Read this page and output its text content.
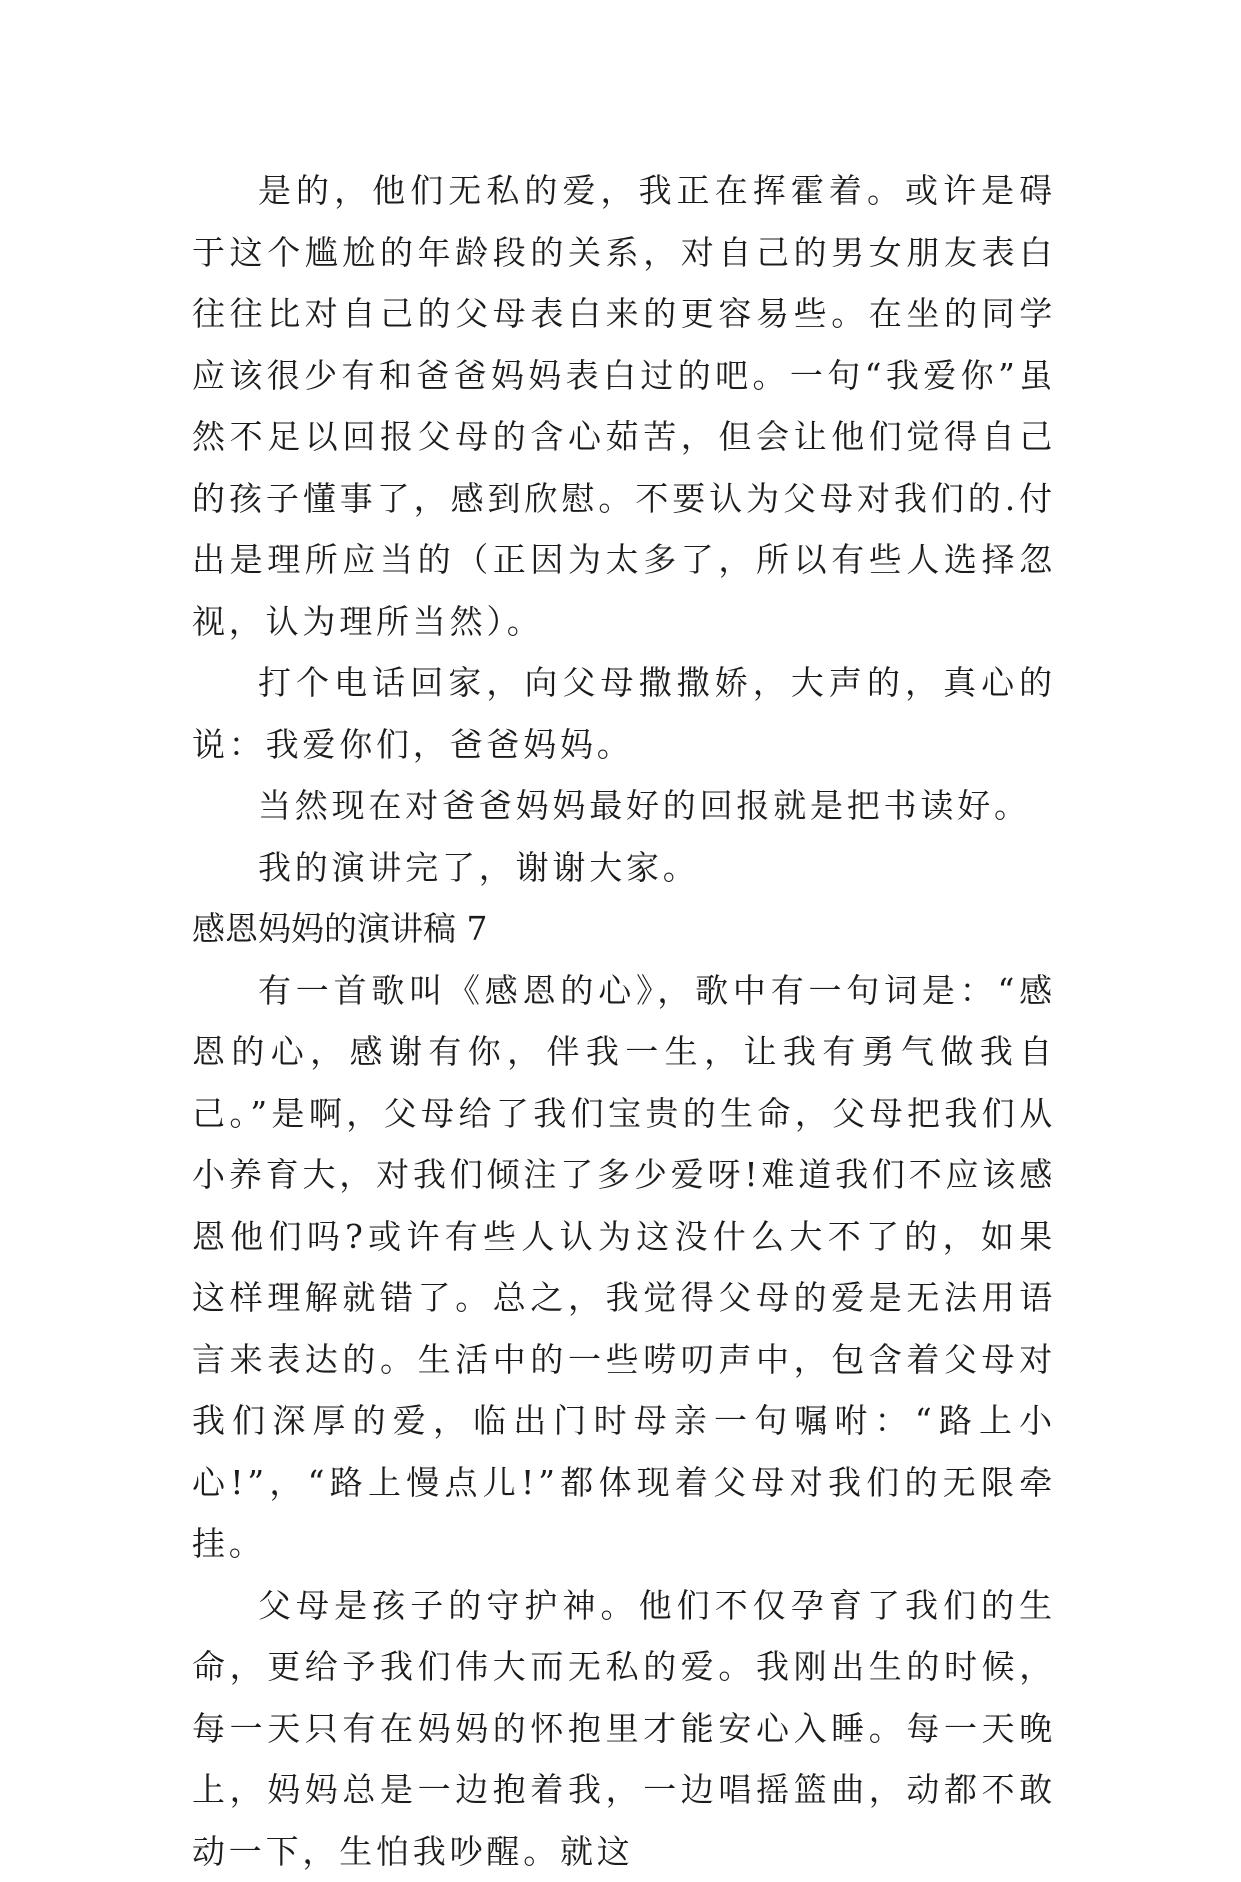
是的，他们无私的爱，我正在挥霍着。或许是碍于这个尴尬的年龄段的关系，对自己的男女朋友表白往往比对自己的父母表白来的更容易些。在坐的同学应该很少有和爸爸妈妈表白过的吧。一句“我爱你”虽然不足以回报父母的含心茹苦，但会让他们觉得自己的孩子懂事了，感到欣慰。不要认为父母对我们的.付出是理所应当的（正因为太多了，所以有些人选择忽视，认为理所当然）。

打个电话回家，向父母撒撒娇，大声的，真心的说：我爱你们，爸爸妈妈。

当然现在对爸爸妈妈最好的回报就是把书读好。

我的演讲完了，谢谢大家。

感恩妈妈的演讲稿 7

有一首歌叫《感恩的心》，歌中有一句词是：“感恩的心，感谢有你，伴我一生，让我有勇气做我自己。”是啊，父母给了我们宝贵的生命，父母把我们从小养育大，对我们倾注了多少爱呀!难道我们不应该感恩他们吗?或许有些人认为这没什么大不了的，如果这样理解就错了。总之，我觉得父母的爱是无法用语言来表达的。生活中的一些唠叨声中，包含着父母对我们深厚的爱，临出门时母亲一句嘱咐：“路上小心!”，“路上慢点儿!”都体现着父母对我们的无限牵挂。

父母是孩子的守护神。他们不仅孕育了我们的生命，更给予我们伟大而无私的爱。我刚出生的时候，每一天只有在妈妈的怀抱里才能安心入睡。每一天晚上，妈妈总是一边抱着我，一边唱摇篮曲，动都不敢动一下，生怕我吵醒。就这
